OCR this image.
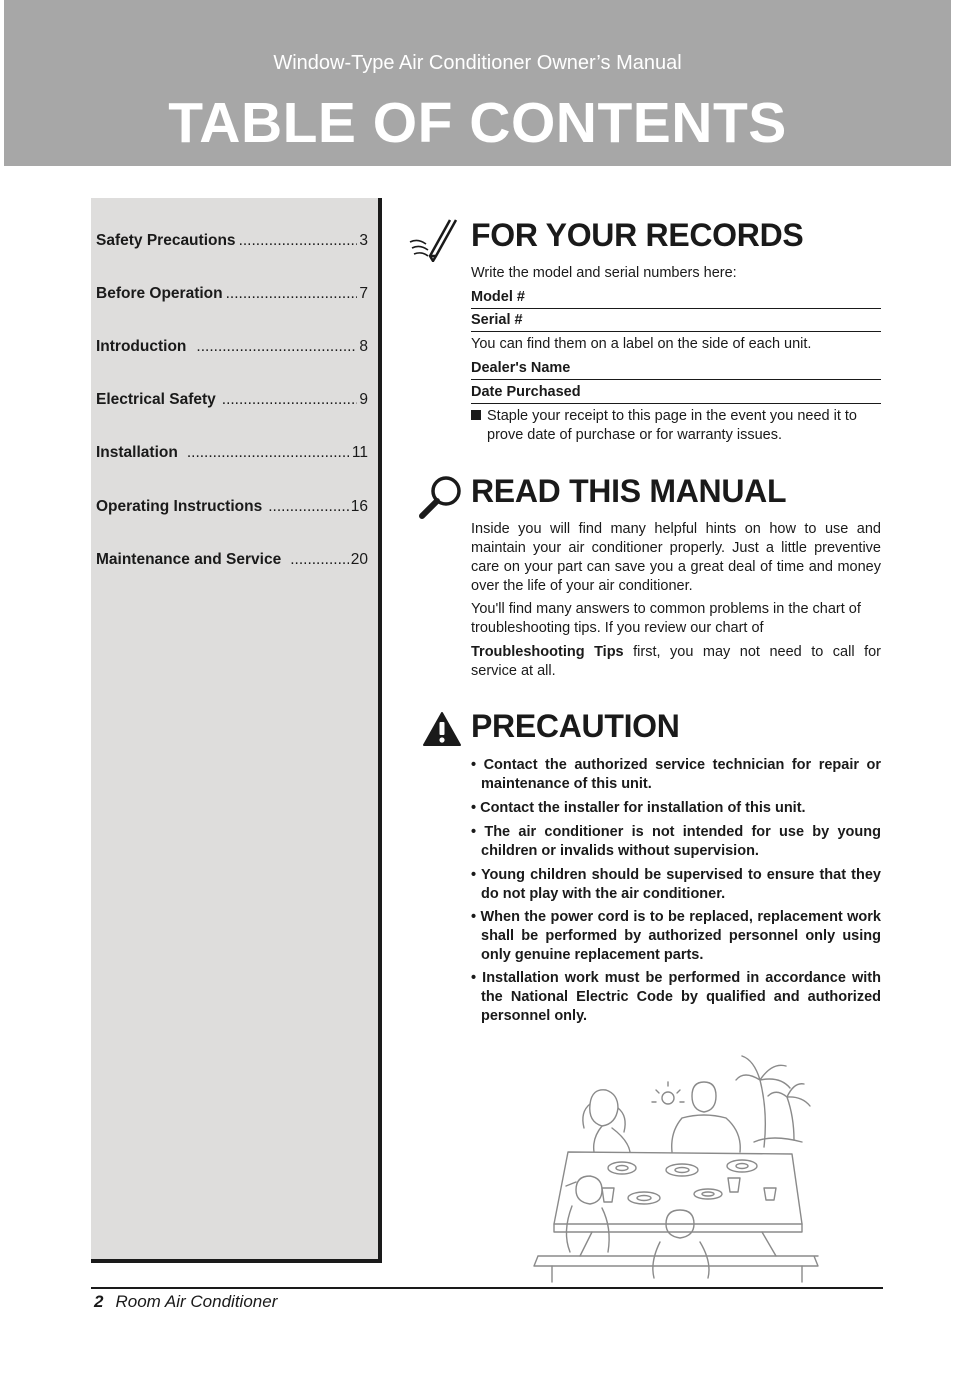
Window-Type Air Conditioner Owner’s Manual
TABLE OF CONTENTS
Safety Precautions .....	3
Before Operation .....	7
Introduction .....	8
Electrical Safety .....	9
Installation .....	11
Operating Instructions .....	16
Maintenance and Service .....	20
FOR YOUR RECORDS
Write the model and serial numbers here:
Model #
Serial #
You can find them on a label on the side of each unit.
Dealer's Name
Date Purchased
Staple your receipt to this page in the event you need it to prove date of purchase or for warranty issues.
READ THIS MANUAL
Inside you will find many helpful hints on how to use and maintain your air conditioner properly. Just a little preventive care on your part can save you a great deal of time and money over the life of your air conditioner.
You'll find many answers to common problems in the chart of troubleshooting tips. If you review our chart of
Troubleshooting Tips first, you may not need to call for service at all.
PRECAUTION
• Contact the authorized service technician for repair or maintenance of this unit.
• Contact the installer for installation of this unit.
• The air conditioner is not intended for use by young children or invalids without supervision.
• Young children should be supervised to ensure that they do not play with the air conditioner.
• When the power cord is to be replaced, replacement work shall be performed by authorized personnel only using only genuine replacement parts.
• Installation work must be performed in accordance with the National Electric Code by qualified and authorized personnel only.
2 Room Air Conditioner
